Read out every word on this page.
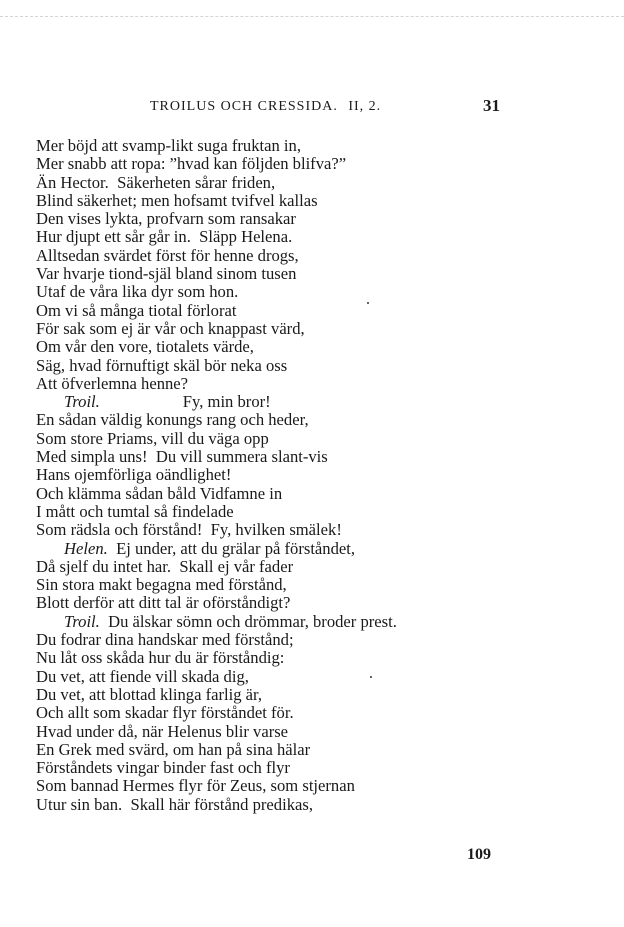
TROILUS OCH CRESSIDA. II, 2.	31
Mer böjd att svamp-likt suga fruktan in,
Mer snabb att ropa: ”hvad kan följden blifva?”
Än Hector.  Säkerheten sårar friden,
Blind säkerhet; men hofsamt tvifvel kallas
Den vises lykta, profvarn som ransakar
Hur djupt ett sår går in.  Släpp Helena.
Alltsedan svärdet först för henne drogs,
Var hvarje tiond-själ bland sinom tusen
Utaf de våra lika dyr som hon.
Om vi så många tiotal förlorat
För sak som ej är vår och knappast värd,
Om vår den vore, tiotalets värde,
Säg, hvad förnuftigt skäl bör neka oss
Att öfverlemna henne?
Troil.                    Fy, min bror!
En sådan väldig konungs rang och heder,
Som store Priams, vill du väga opp
Med simpla uns!  Du vill summera slant-vis
Hans ojemförliga oändlighet!
Och klämma sådan båld Vidfamne in
I mått och tumtal så findelade
Som rädsla och förstånd!  Fy, hvilken smälek!
Helen.  Ej under, att du grälar på förståndet,
Då sjelf du intet har.  Skall ej vår fader
Sin stora makt begagna med förstånd,
Blott derför att ditt tal är oförståndigt?
Troil.  Du älskar sömn och drömmar, broder prest.
Du fodrar dina handskar med förstånd;
Nu låt oss skåda hur du är förståndig:
Du vet, att fiende vill skada dig,
Du vet, att blottad klinga farlig är,
Och allt som skadar flyr förståndet för.
Hvad under då, när Helenus blir varse
En Grek med svärd, om han på sina hälar
Förståndets vingar binder fast och flyr
Som bannad Hermes flyr för Zeus, som stjernan
Utur sin ban.  Skall här förstånd predikas,
109
